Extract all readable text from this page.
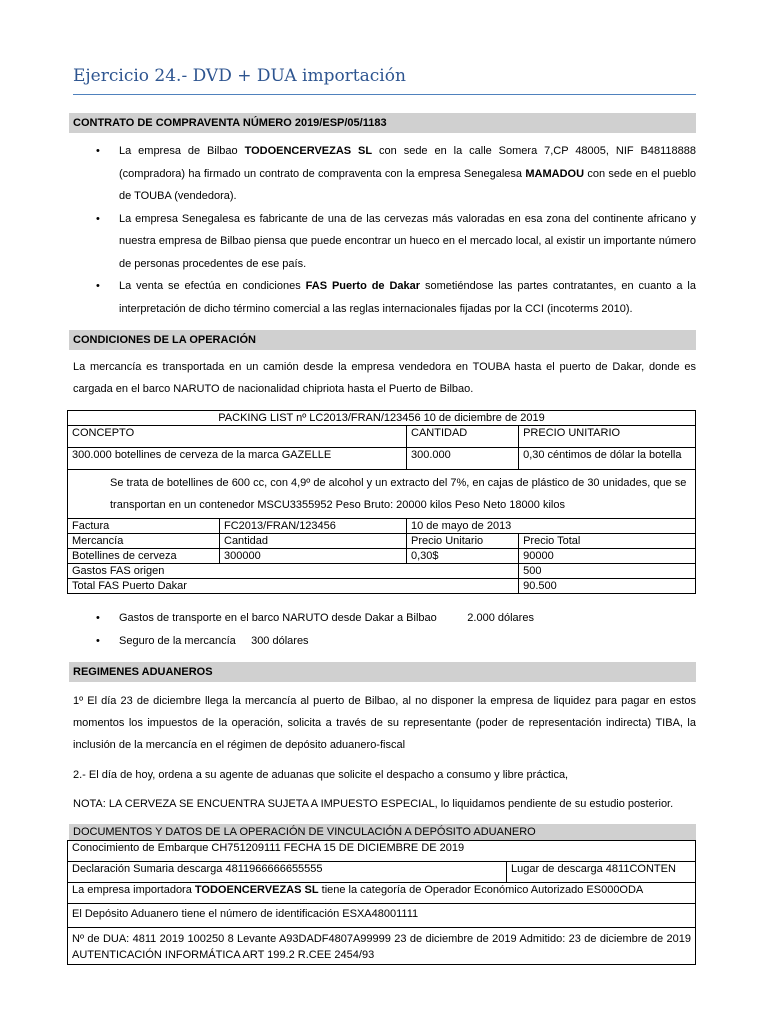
Ejercicio 24.- DVD + DUA importación
CONTRATO DE COMPRAVENTA NÚMERO 2019/ESP/05/1183
• La empresa de Bilbao TODOENCERVEZAS SL con sede en la calle Somera 7,CP 48005, NIF B48118888 (compradora) ha firmado un contrato de compraventa con la empresa Senegalesa MAMADOU con sede en el pueblo de TOUBA (vendedora).
• La empresa Senegalesa es fabricante de una de las cervezas más valoradas en esa zona del continente africano y nuestra empresa de Bilbao piensa que puede encontrar un hueco en el mercado local, al existir un importante número de personas procedentes de ese país.
• La venta se efectúa en condiciones FAS Puerto de Dakar sometiéndose las partes contratantes, en cuanto a la interpretación de dicho término comercial a las reglas internacionales fijadas por la CCI (incoterms 2010).
CONDICIONES DE LA OPERACIÓN

La mercancía es transportada en un camión desde la empresa vendedora en TOUBA hasta el puerto de Dakar, donde es cargada en el barco NARUTO de nacionalidad chipriota hasta el Puerto de Bilbao.

PACKING LIST nº LC2013/FRAN/123456 10 de diciembre de 2019			
CONCEPTO		CANTIDAD	PRECIO UNITARIO
300.000 botellines de cerveza de la marca GAZELLE		300.000	0,30 céntimos de dólar la botella
Se trata de botellines de 600 cc, con 4,9º de alcohol y un extracto del 7%, en cajas de plástico de 30 unidades, que se transportan en un contenedor MSCU3355952 Peso Bruto: 20000 kilos Peso Neto 18000 kilos			
Factura	FC2013/FRAN/123456	10 de mayo de 2013	
Mercancía	Cantidad	Precio Unitario	Precio Total
Botellines de cerveza	300000	0,30$	90000
Gastos FAS origen			500
Total FAS Puerto Dakar			90.500
• Gastos de transporte en el barco NARUTO desde Dakar a Bilbao          2.000 dólares
• Seguro de la mercancía     300 dólares
REGIMENES ADUANEROS

1º El día 23 de diciembre llega la mercancía al puerto de Bilbao, al no disponer la empresa de liquidez para pagar en estos momentos los impuestos de la operación, solicita a través de su representante (poder de representación indirecta) TIBA, la inclusión de la mercancía en el régimen de depósito aduanero-fiscal

2.- El día de hoy, ordena a su agente de aduanas que solicite el despacho a consumo y libre práctica,

NOTA: LA CERVEZA SE ENCUENTRA SUJETA A IMPUESTO ESPECIAL, lo liquidamos pendiente de su estudio posterior.

DOCUMENTOS Y DATOS DE LA OPERACIÓN DE VINCULACIÓN A DEPÓSITO ADUANERO
Conocimiento de Embarque CH751209111 FECHA 15 DE DICIEMBRE DE 2019
Declaración Sumaria descarga 4811966666655555	Lugar de descarga 4811CONTEN
La empresa importadora TODOENCERVEZAS SL tiene la categoría de Operador Económico Autorizado ES000ODA
El Depósito Aduanero tiene el número de identificación ESXA48001111
Nº de DUA: 4811 2019 100250 8 Levante A93DADF4807A99999 23 de diciembre de 2019 Admitido: 23 de diciembre de 2019 AUTENTICACIÓN INFORMÁTICA ART 199.2 R.CEE 2454/93
